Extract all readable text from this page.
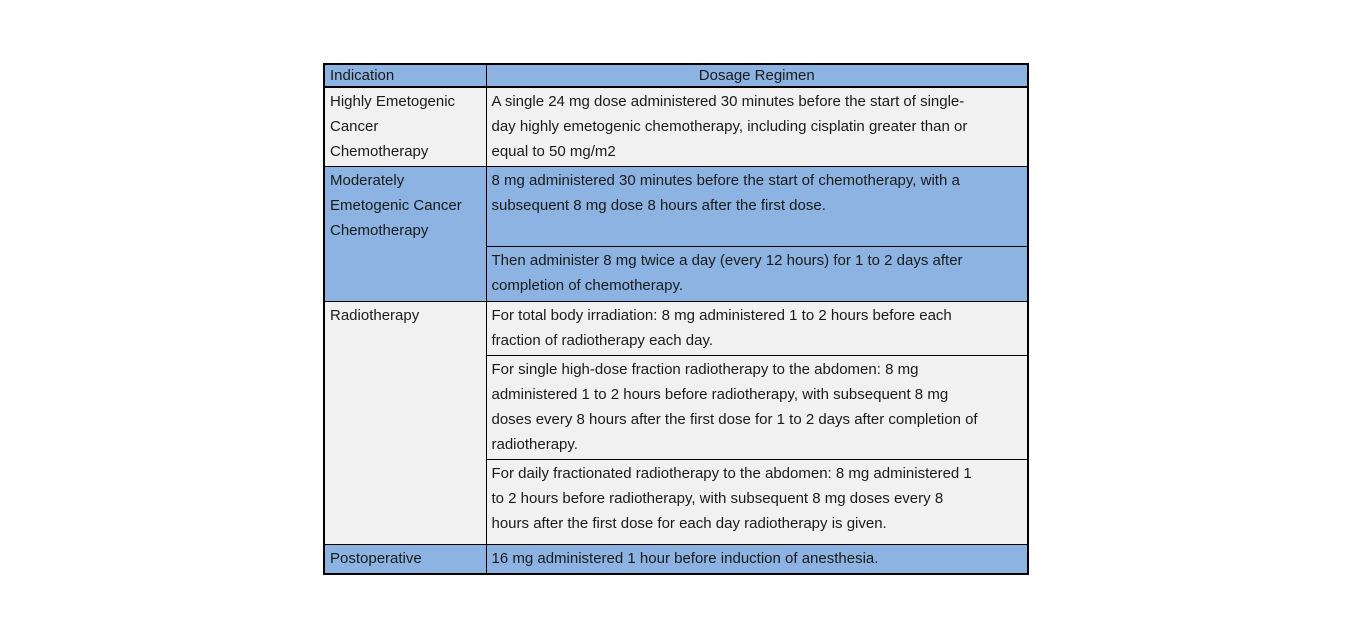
Indication	Dosage Regimen
Highly Emetogenic Cancer Chemotherapy	A single 24 mg dose administered 30 minutes before the start of single-day highly emetogenic chemotherapy, including cisplatin greater than or equal to 50 mg/m2
Moderately Emetogenic Cancer Chemotherapy	8 mg administered 30 minutes before the start of chemotherapy, with a subsequent 8 mg dose 8 hours after the first dose.
	Then administer 8 mg twice a day (every 12 hours) for 1 to 2 days after completion of chemotherapy.
Radiotherapy	For total body irradiation: 8 mg administered 1 to 2 hours before each fraction of radiotherapy each day.
	For single high-dose fraction radiotherapy to the abdomen: 8 mg administered 1 to 2 hours before radiotherapy, with subsequent 8 mg doses every 8 hours after the first dose for 1 to 2 days after completion of radiotherapy.
	For daily fractionated radiotherapy to the abdomen: 8 mg administered 1 to 2 hours before radiotherapy, with subsequent 8 mg doses every 8 hours after the first dose for each day radiotherapy is given.
Postoperative	16 mg administered 1 hour before induction of anesthesia.
